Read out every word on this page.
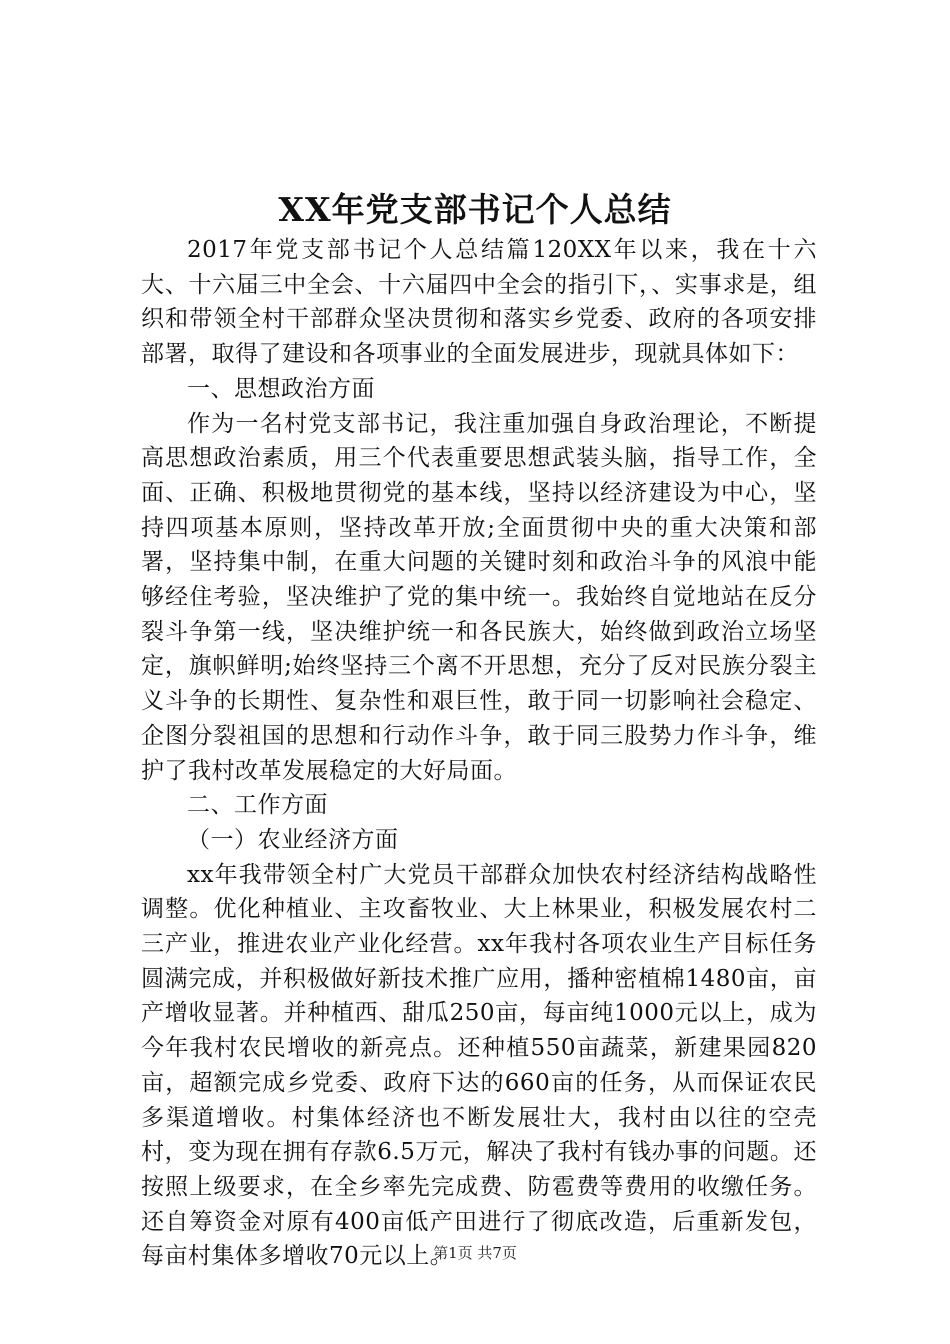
XX年党支部书记个人总结

2017年党支部书记个人总结篇120XX年以来，我在十六大、十六届三中全会、十六届四中全会的指引下，、实事求是，组织和带领全村干部群众坚决贯彻和落实乡党委、政府的各项安排部署，取得了建设和各项事业的全面发展进步，现就具体如下：

一、思想政治方面

作为一名村党支部书记，我注重加强自身政治理论，不断提高思想政治素质，用三个代表重要思想武装头脑，指导工作，全面、正确、积极地贯彻党的基本线，坚持以经济建设为中心，坚持四项基本原则，坚持改革开放;全面贯彻中央的重大决策和部署，坚持集中制，在重大问题的关键时刻和政治斗争的风浪中能够经住考验，坚决维护了党的集中统一。我始终自觉地站在反分裂斗争第一线，坚决维护统一和各民族大，始终做到政治立场坚定，旗帜鲜明;始终坚持三个离不开思想，充分了反对民族分裂主义斗争的长期性、复杂性和艰巨性，敢于同一切影响社会稳定、企图分裂祖国的思想和行动作斗争，敢于同三股势力作斗争，维护了我村改革发展稳定的大好局面。

二、工作方面

（一）农业经济方面

xx年我带领全村广大党员干部群众加快农村经济结构战略性调整。优化种植业、主攻畜牧业、大上林果业，积极发展农村二三产业，推进农业产业化经营。xx年我村各项农业生产目标任务圆满完成，并积极做好新技术推广应用，播种密植棉1480亩，亩产增收显著。并种植西、甜瓜250亩，每亩纯1000元以上，成为今年我村农民增收的新亮点。还种植550亩蔬菜，新建果园820亩，超额完成乡党委、政府下达的660亩的任务，从而保证农民多渠道增收。村集体经济也不断发展壮大，我村由以往的空壳村，变为现在拥有存款6.5万元，解决了我村有钱办事的问题。还按照上级要求，在全乡率先完成费、防雹费等费用的收缴任务。还自筹资金对原有400亩低产田进行了彻底改造，后重新发包，每亩村集体多增收70元以上。

第1页 共7页
